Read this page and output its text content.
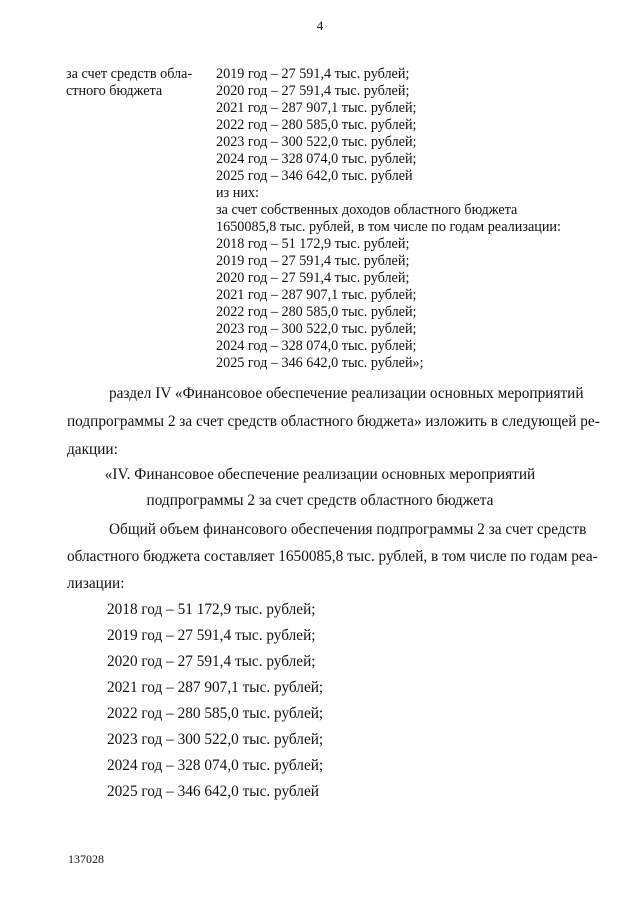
4
за счет средств обла-
стного бюджета
2019 год – 27 591,4 тыс. рублей;
2020 год – 27 591,4 тыс. рублей;
2021 год – 287 907,1 тыс. рублей;
2022 год – 280 585,0 тыс. рублей;
2023 год – 300 522,0 тыс. рублей;
2024 год – 328 074,0 тыс. рублей;
2025 год – 346 642,0 тыс. рублей
из них:
за счет собственных доходов областного бюджета
1650085,8 тыс. рублей, в том числе по годам реализации:
2018 год – 51 172,9 тыс. рублей;
2019 год – 27 591,4 тыс. рублей;
2020 год – 27 591,4 тыс. рублей;
2021 год – 287 907,1 тыс. рублей;
2022 год – 280 585,0 тыс. рублей;
2023 год – 300 522,0 тыс. рублей;
2024 год – 328 074,0 тыс. рублей;
2025 год – 346 642,0 тыс. рублей»;
раздел IV «Финансовое обеспечение реализации основных мероприятий
подпрограммы 2 за счет средств областного бюджета» изложить в следующей ре-
дакции:
«IV. Финансовое обеспечение реализации основных мероприятий
подпрограммы 2 за счет средств областного бюджета
Общий объем финансового обеспечения подпрограммы 2 за счет средств
областного бюджета составляет 1650085,8 тыс. рублей, в том числе по годам реа-
лизации:
2018 год – 51 172,9 тыс. рублей;
2019 год – 27 591,4 тыс. рублей;
2020 год – 27 591,4 тыс. рублей;
2021 год – 287 907,1 тыс. рублей;
2022 год – 280 585,0 тыс. рублей;
2023 год – 300 522,0 тыс. рублей;
2024 год – 328 074,0 тыс. рублей;
2025 год – 346 642,0 тыс. рублей
137028
